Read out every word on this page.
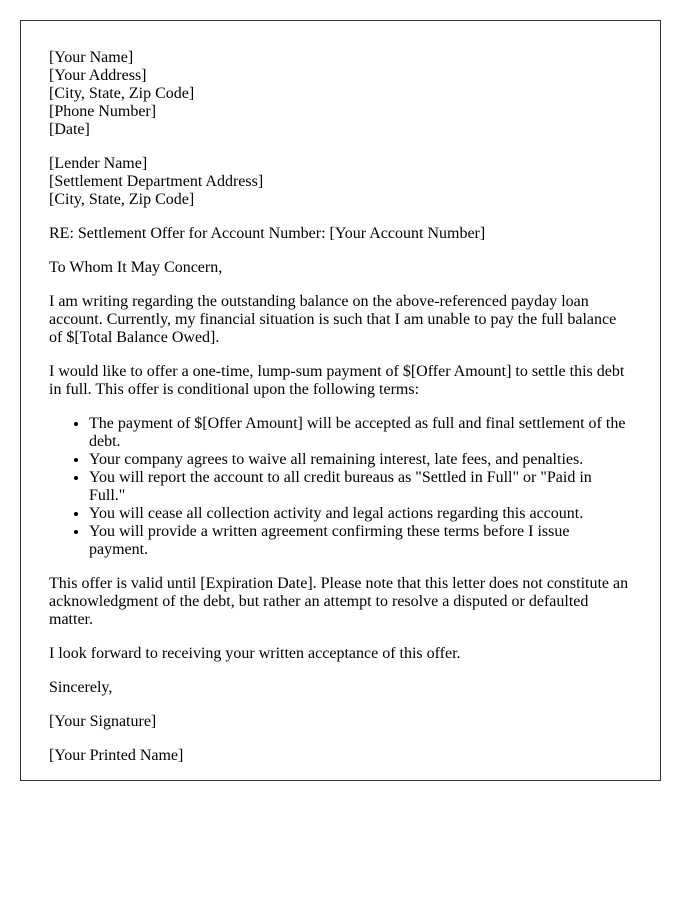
[Your Name]
[Your Address]
[City, State, Zip Code]
[Phone Number]
[Date]
[Lender Name]
[Settlement Department Address]
[City, State, Zip Code]

RE: Settlement Offer for Account Number: [Your Account Number]

To Whom It May Concern,

I am writing regarding the outstanding balance on the above-referenced payday loan account. Currently, my financial situation is such that I am unable to pay the full balance of $[Total Balance Owed].

I would like to offer a one-time, lump-sum payment of $[Offer Amount] to settle this debt in full. This offer is conditional upon the following terms:

• The payment of $[Offer Amount] will be accepted as full and final settlement of the debt.
• Your company agrees to waive all remaining interest, late fees, and penalties.
• You will report the account to all credit bureaus as "Settled in Full" or "Paid in Full."
• You will cease all collection activity and legal actions regarding this account.
• You will provide a written agreement confirming these terms before I issue payment.

This offer is valid until [Expiration Date]. Please note that this letter does not constitute an acknowledgment of the debt, but rather an attempt to resolve a disputed or defaulted matter.

I look forward to receiving your written acceptance of this offer.

Sincerely,

[Your Signature]

[Your Printed Name]
